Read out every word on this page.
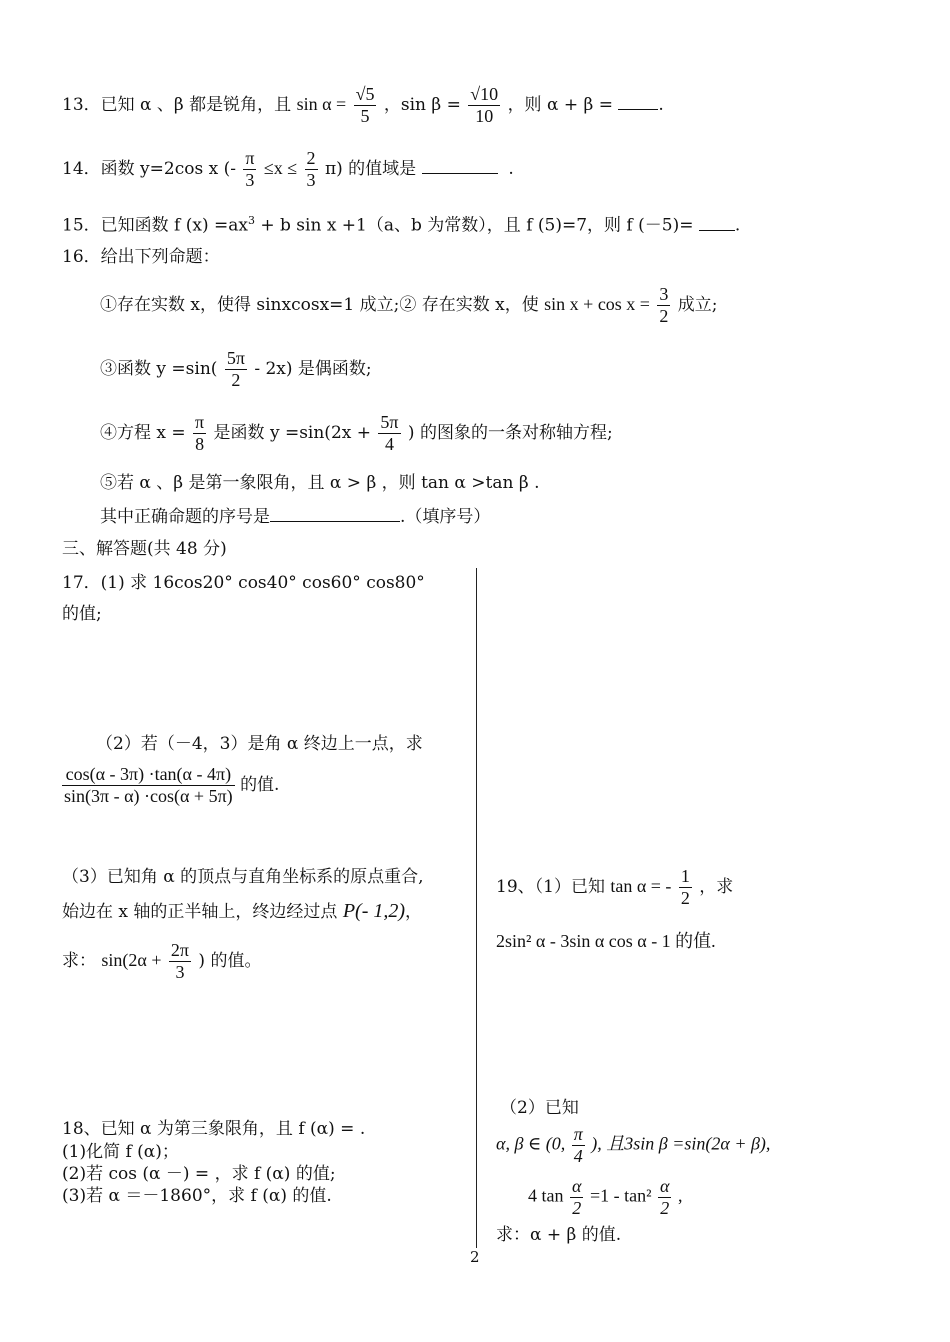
13．已知 α 、β 都是锐角，且 $\sin \alpha = \frac{√5}{5}$ ，$\sin \beta = \frac{√10}{10}$ ，则 α + β =	.
14．函数 y=2cos x (- $\frac{\pi}{3} \le x \le \frac{2}{3} \pi$) 的值域是	.
15．已知函数 f $(x) =ax^3 + b$ sin x +1（a、b 为常数），且 f (5)=7，则 f (－5)= .
16．给出下列命题：
①存在实数 x，使得 sinxcosx=1 成立;② 存在实数 x，使 $\sin x + \cos x = \frac{3}{2}$ 成立;
③函数 $y =\sin( \frac{5\pi}{2} - 2x)$ 是偶函数;
④方程 $x = \frac{\pi}{8}$ 是函数 $y =\sin(2x + \frac{5\pi}{4}$ ) 的图象的一条对称轴方程;
⑤若 α 、β 是第一象限角，且 α > β ，则 tan α >tan β .
其中正确命题的序号是	.（填序号）
三、解答题(共 48 分)
17．(1) 求 16cos20° cos40° cos60° cos80°
的值;
（2）若（－4，3）是角 α 终边上一点，求
$\frac{\cos(\alpha - 3\pi) \cdot\tan(\alpha - 4\pi)}{\sin(3\pi - \alpha) \cdot\cos(\alpha + 5\pi)}$ 的值.
（3）已知角 α 的顶点与直角坐标系的原点重合,
始边在 x 轴的正半轴上，终边经过点 P(- 1,2)，
求： $\sin(2\alpha + \frac{2\pi}{3}$ ) 的值。
18、已知 α 为第三象限角，且 f (α) = .
(1)化简 f (α)；
(2)若 cos (α －) = ，求 f (α) 的值;
(3)若 α ＝－1860°，求 f (α) 的值.
19、（1）已知 tan α = - $\frac{1}{2}$ ，求
2sin² α - 3sin α cos α - 1 的值.
（2）已知
α, β ∈ (0, $\frac{\pi}{4}$ ), 且3sin β =sin(2α + β),
4 $\tan \frac{\alpha}{2} =1 - \tan^2 \frac{\alpha}{2}$ ,
求：α + β 的值.
2
